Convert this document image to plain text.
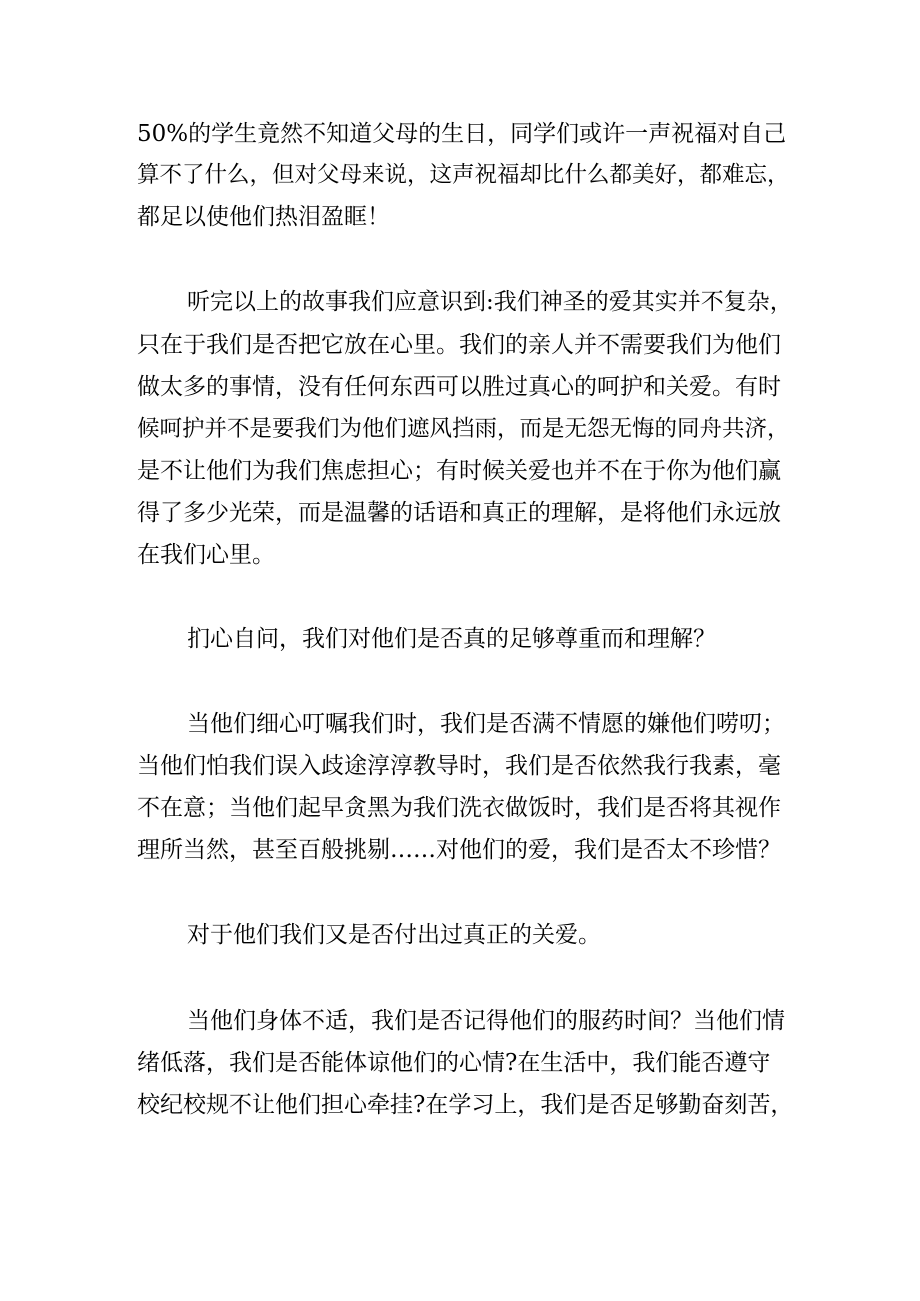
50%的学生竟然不知道父母的生日，同学们或许一声祝福对自己

算不了什么，但对父母来说，这声祝福却比什么都美好，都难忘，

都足以使他们热泪盈眶！

听完以上的故事我们应意识到:我们神圣的爱其实并不复杂，

只在于我们是否把它放在心里。我们的亲人并不需要我们为他们

做太多的事情，没有任何东西可以胜过真心的呵护和关爱。有时

候呵护并不是要我们为他们遮风挡雨，而是无怨无悔的同舟共济，

是不让他们为我们焦虑担心；有时候关爱也并不在于你为他们赢

得了多少光荣，而是温馨的话语和真正的理解，是将他们永远放

在我们心里。

扪心自问，我们对他们是否真的足够尊重而和理解？

当他们细心叮嘱我们时，我们是否满不情愿的嫌他们唠叨；

当他们怕我们误入歧途淳淳教导时，我们是否依然我行我素，毫

不在意；当他们起早贪黑为我们洗衣做饭时，我们是否将其视作

理所当然，甚至百般挑剔……对他们的爱，我们是否太不珍惜？

对于他们我们又是否付出过真正的关爱。

当他们身体不适，我们是否记得他们的服药时间？当他们情

绪低落，我们是否能体谅他们的心情?在生活中，我们能否遵守

校纪校规不让他们担心牵挂?在学习上，我们是否足够勤奋刻苦，
